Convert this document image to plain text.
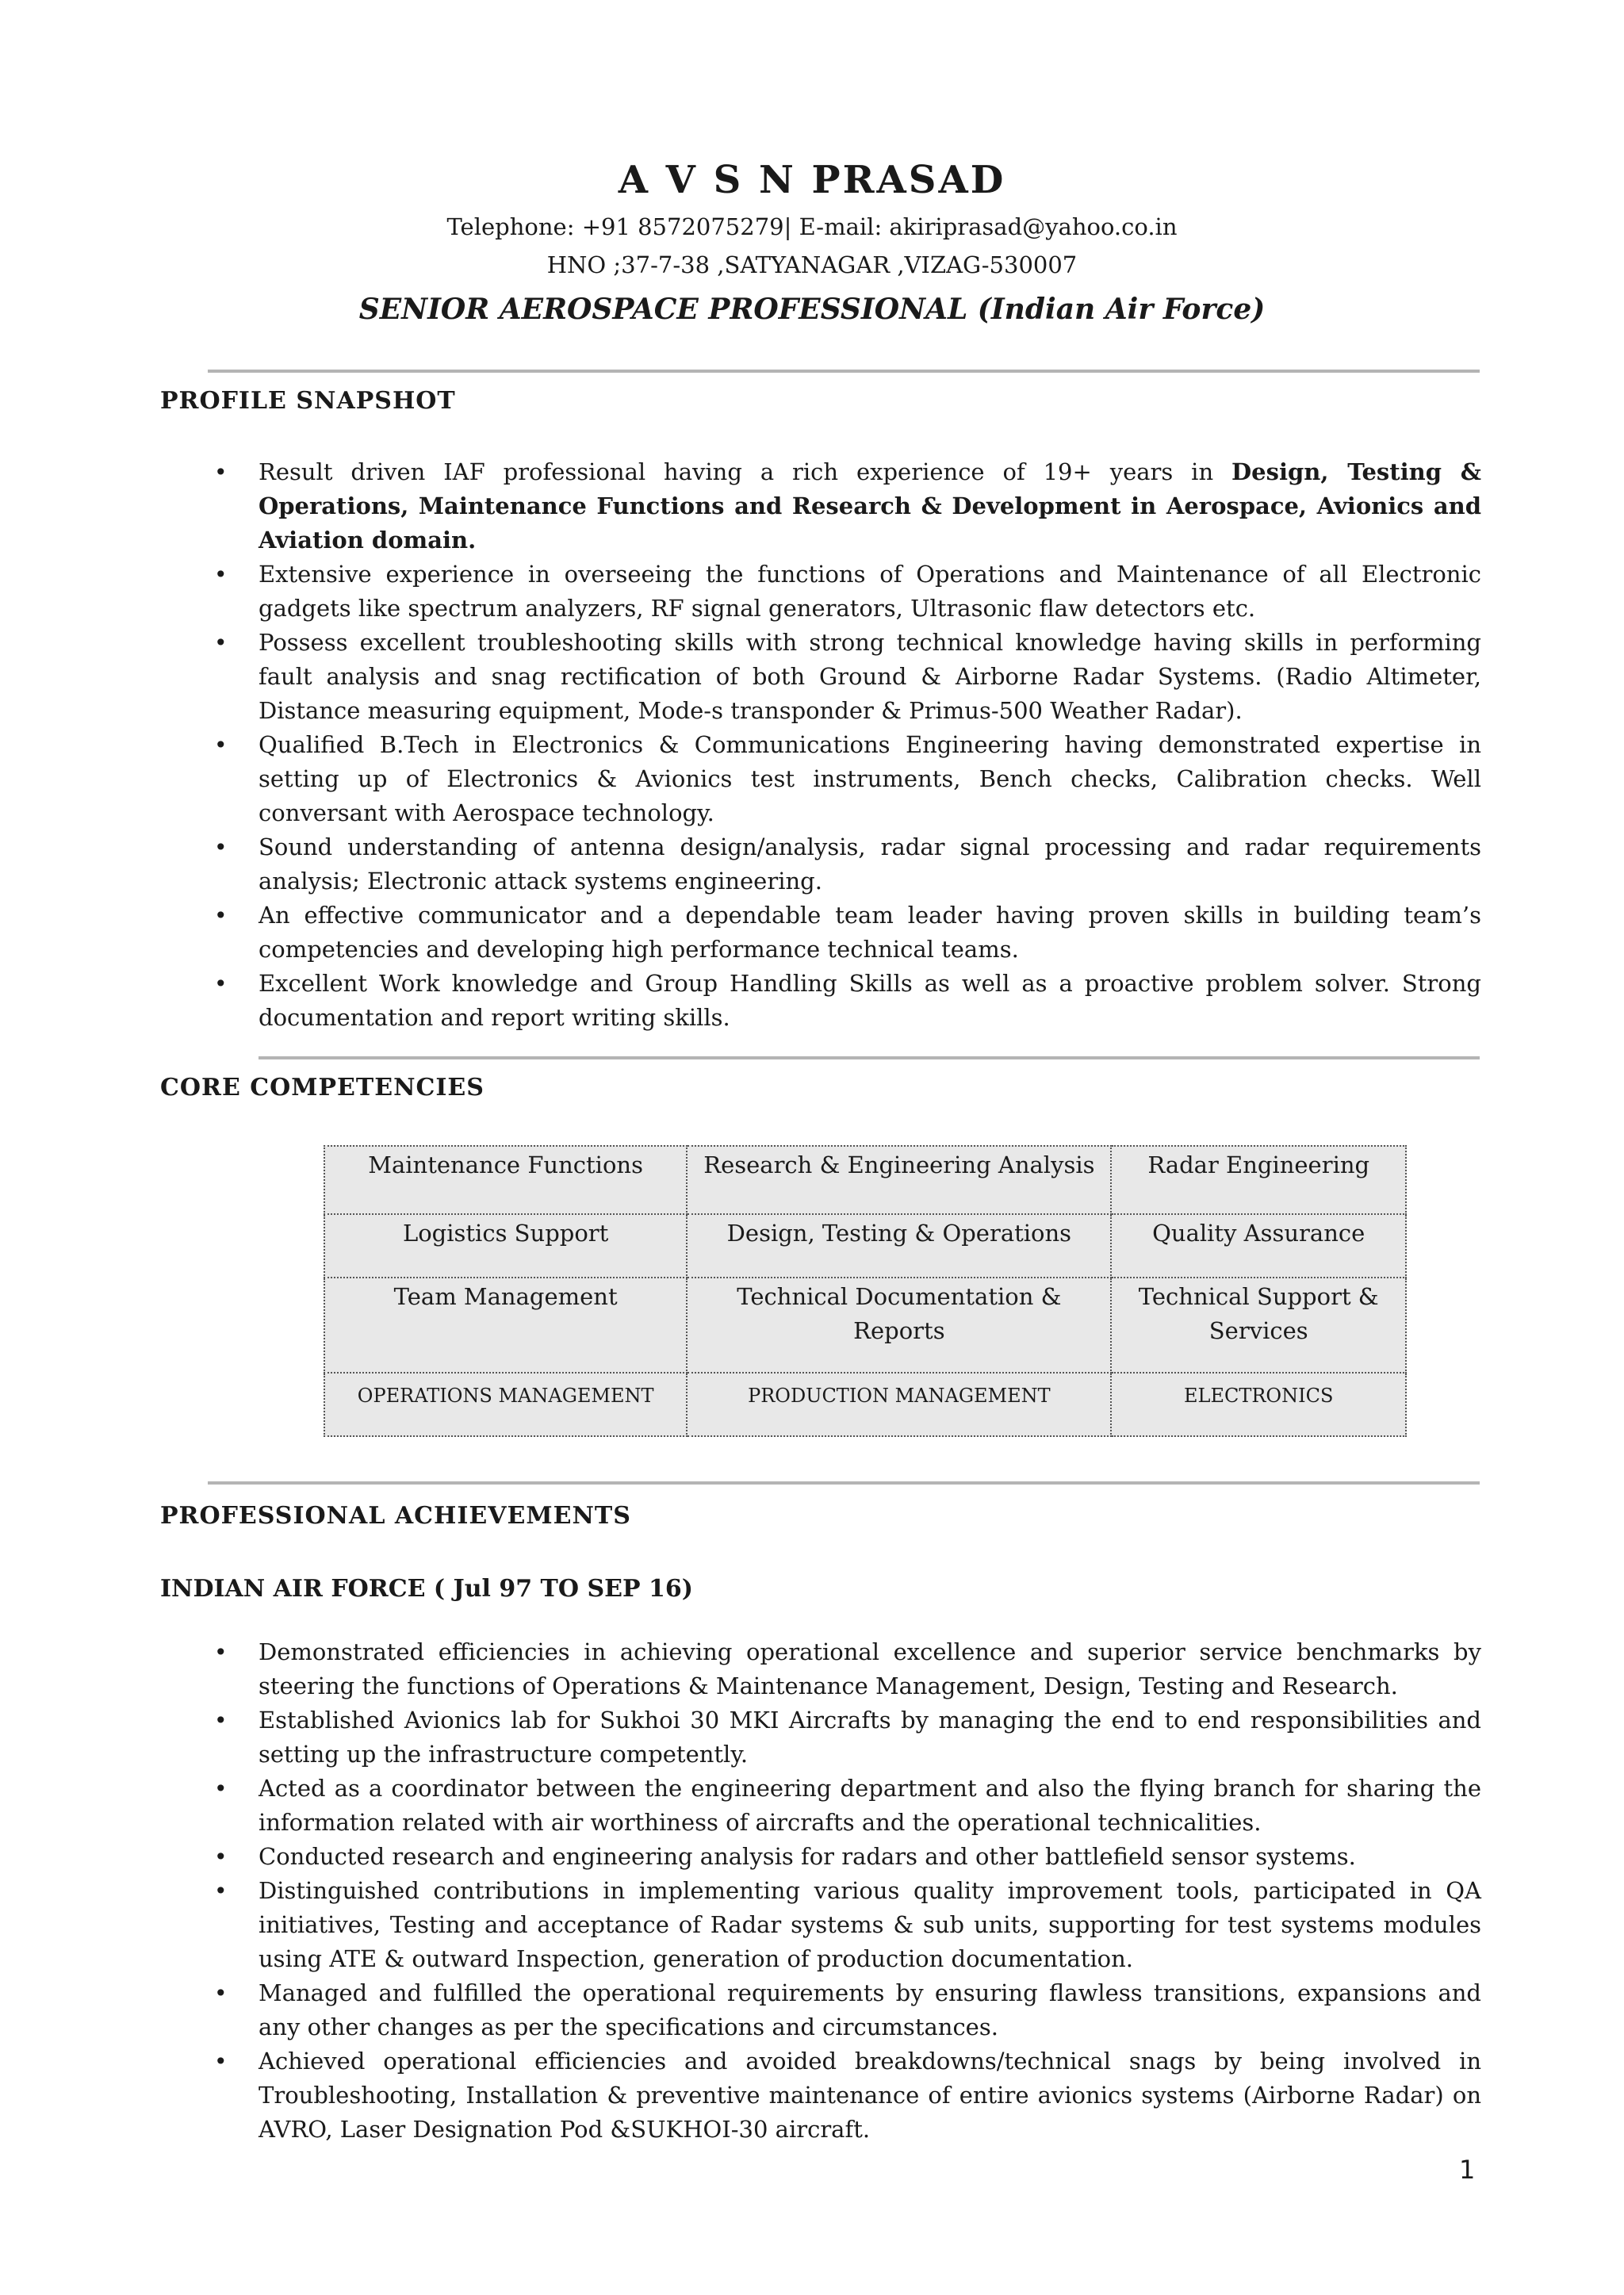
A V S N PRASAD
Telephone: +91 8572075279| E-mail: akiriprasad@yahoo.co.in
HNO ;37-7-38 ,SATYANAGAR ,VIZAG-530007
SENIOR AEROSPACE PROFESSIONAL (Indian Air Force)
PROFILE SNAPSHOT
• Result driven IAF professional having a rich experience of 19+ years in Design, Testing & Operations, Maintenance Functions and Research & Development in Aerospace, Avionics and Aviation domain.
• Extensive experience in overseeing the functions of Operations and Maintenance of all Electronic gadgets like spectrum analyzers, RF signal generators, Ultrasonic flaw detectors etc.
• Possess excellent troubleshooting skills with strong technical knowledge having skills in performing fault analysis and snag rectification of both Ground & Airborne Radar Systems. (Radio Altimeter, Distance measuring equipment, Mode-s transponder & Primus-500 Weather Radar).
• Qualified B.Tech in Electronics & Communications Engineering having demonstrated expertise in setting up of Electronics & Avionics test instruments, Bench checks, Calibration checks. Well conversant with Aerospace technology.
• Sound understanding of antenna design/analysis, radar signal processing and radar requirements analysis; Electronic attack systems engineering.
• An effective communicator and a dependable team leader having proven skills in building team’s competencies and developing high performance technical teams.
• Excellent Work knowledge and Group Handling Skills as well as a proactive problem solver. Strong documentation and report writing skills.
CORE COMPETENCIES
Maintenance Functions	Research & Engineering Analysis	Radar Engineering
Logistics Support	Design, Testing & Operations	Quality Assurance
Team Management	Technical Documentation & Reports	Technical Support & Services
OPERATIONS MANAGEMENT	PRODUCTION MANAGEMENT	ELECTRONICS
PROFESSIONAL ACHIEVEMENTS
INDIAN AIR FORCE ( Jul 97 TO SEP 16)
• Demonstrated efficiencies in achieving operational excellence and superior service benchmarks by steering the functions of Operations & Maintenance Management, Design, Testing and Research.
• Established Avionics lab for Sukhoi 30 MKI Aircrafts by managing the end to end responsibilities and setting up the infrastructure competently.
• Acted as a coordinator between the engineering department and also the flying branch for sharing the information related with air worthiness of aircrafts and the operational technicalities.
• Conducted research and engineering analysis for radars and other battlefield sensor systems.
• Distinguished contributions in implementing various quality improvement tools, participated in QA initiatives, Testing and acceptance of Radar systems & sub units, supporting for test systems modules using ATE & outward Inspection, generation of production documentation.
• Managed and fulfilled the operational requirements by ensuring flawless transitions, expansions and any other changes as per the specifications and circumstances.
• Achieved operational efficiencies and avoided breakdowns/technical snags by being involved in Troubleshooting, Installation & preventive maintenance of entire avionics systems (Airborne Radar) on AVRO, Laser Designation Pod &SUKHOI-30 aircraft.
1
